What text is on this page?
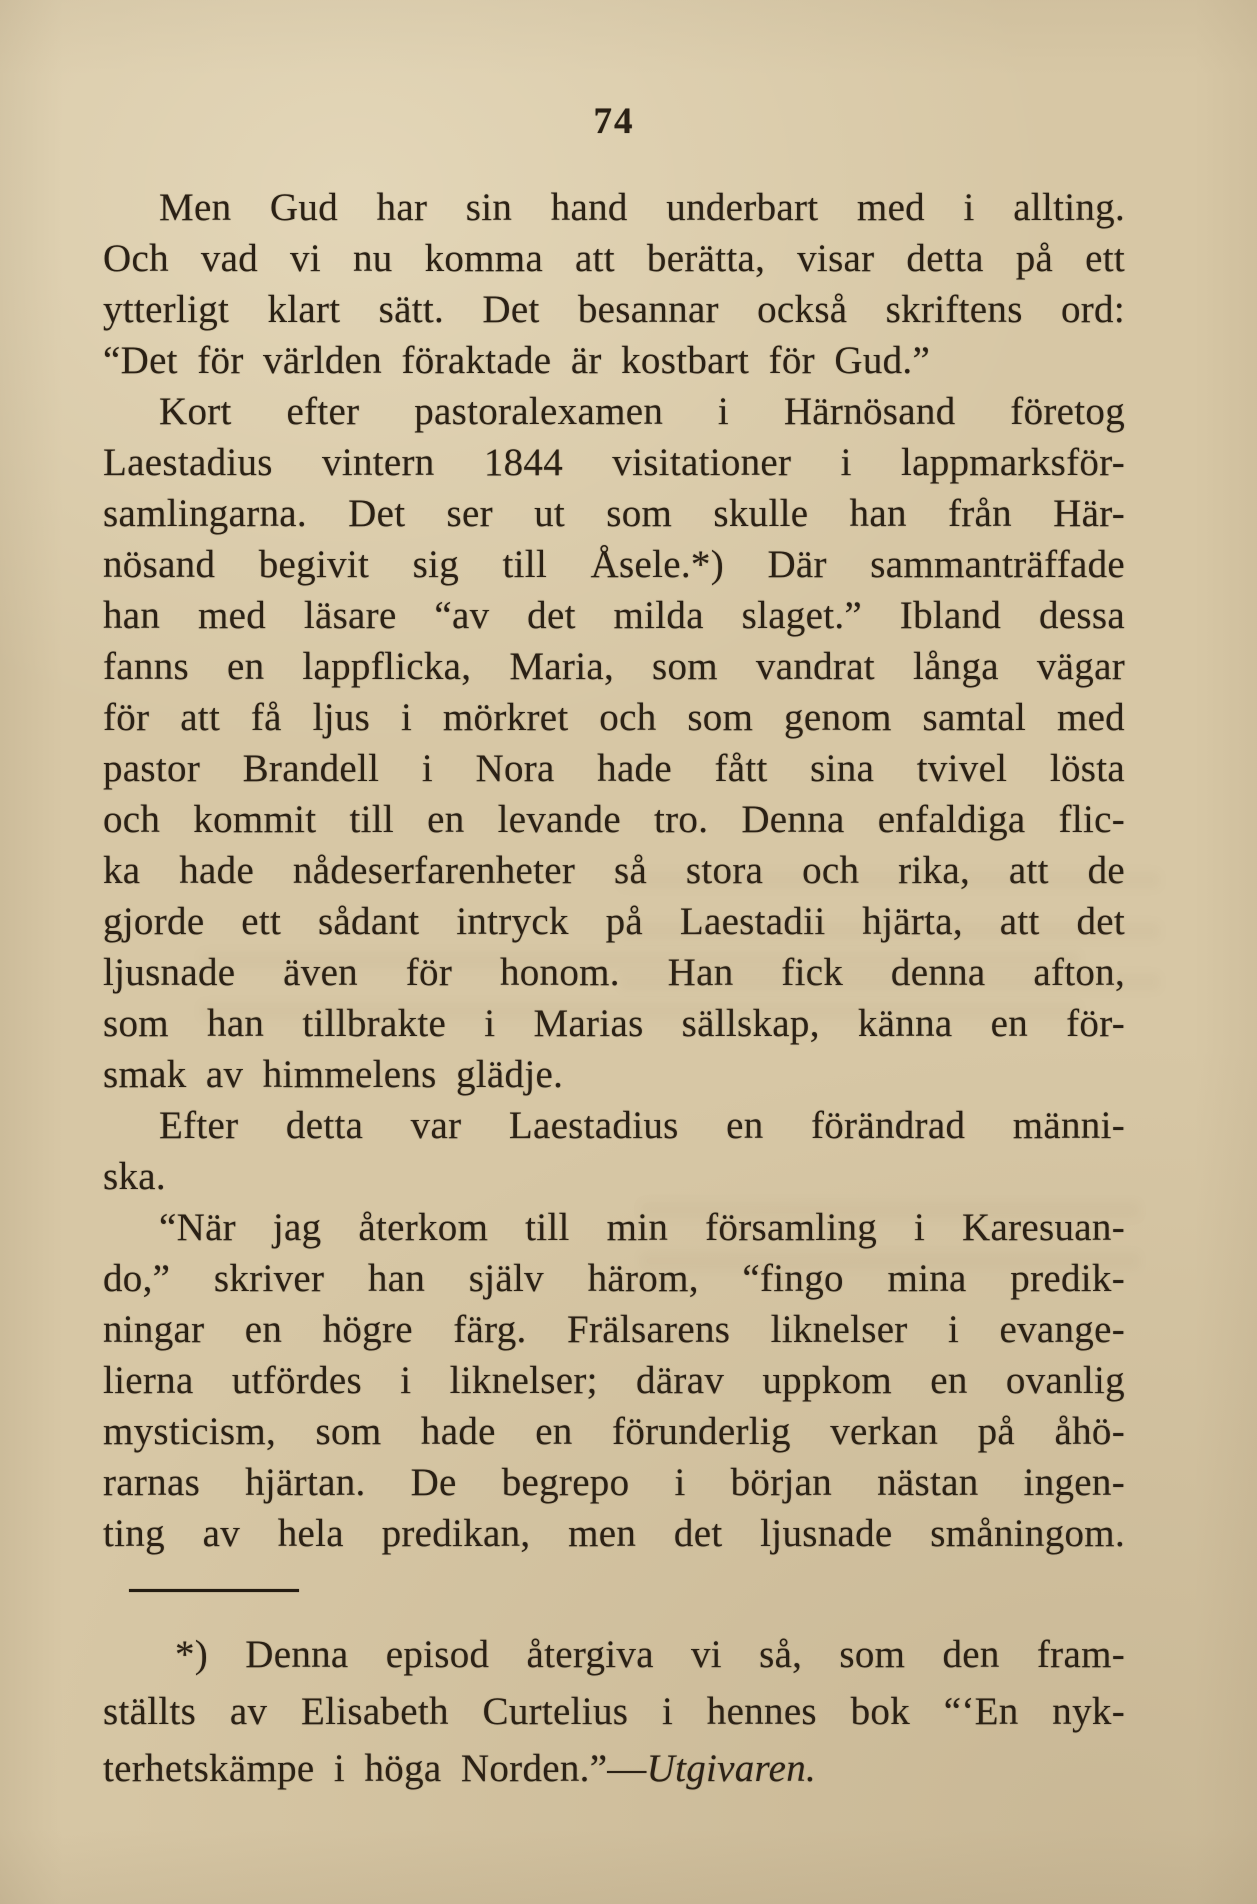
74
Men Gud har sin hand underbart med i allting.
Och vad vi nu komma att berätta, visar detta på ett
ytterligt klart sätt. Det besannar också skriftens ord:
“Det för världen föraktade är kostbart för Gud.”
Kort efter pastoralexamen i Härnösand företog
Laestadius vintern 1844 visitationer i lappmarksför-
samlingarna. Det ser ut som skulle han från Här-
nösand begivit sig till Åsele.*) Där sammanträffade
han med läsare “av det milda slaget.” Ibland dessa
fanns en lappflicka, Maria, som vandrat långa vägar
för att få ljus i mörkret och som genom samtal med
pastor Brandell i Nora hade fått sina tvivel lösta
och kommit till en levande tro. Denna enfaldiga flic-
ka hade nådeserfarenheter så stora och rika, att de
gjorde ett sådant intryck på Laestadii hjärta, att det
ljusnade även för honom. Han fick denna afton,
som han tillbrakte i Marias sällskap, känna en för-
smak av himmelens glädje.
Efter detta var Laestadius en förändrad männi-
ska.
“När jag återkom till min församling i Karesuan-
do,” skriver han själv härom, “fingo mina predik-
ningar en högre färg. Frälsarens liknelser i evange-
lierna utfördes i liknelser; därav uppkom en ovanlig
mysticism, som hade en förunderlig verkan på åhö-
rarnas hjärtan. De begrepo i början nästan ingen-
ting av hela predikan, men det ljusnade småningom.
*) Denna episod återgiva vi så, som den fram-
ställts av Elisabeth Curtelius i hennes bok “‘En nyk-
terhetskämpe i höga Norden.”—Utgivaren.
